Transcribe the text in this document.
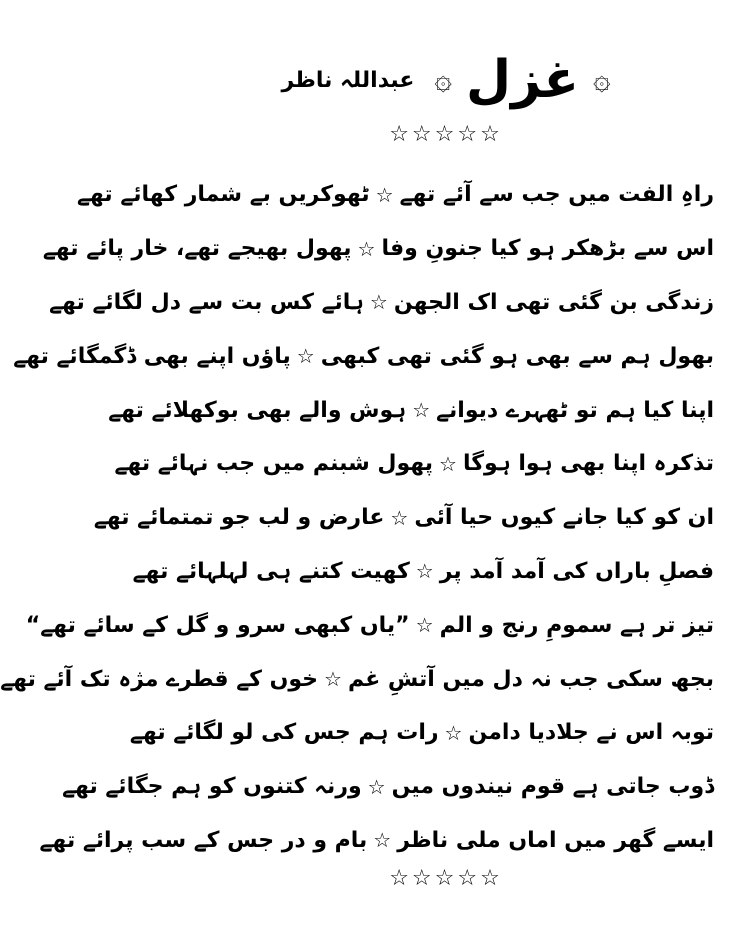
۞
غزل
۞
عبداللہ ناظر
☆☆☆☆☆
راہِ الفت میں جب سے آئے تھے
☆
ٹھوکریں بے شمار کھائے تھے
اس سے بڑھکر ہو کیا جنونِ وفا
☆
پھول بھیجے تھے، خار پائے تھے
زندگی بن گئی تھی اک الجھن
☆
ہائے کس بت سے دل لگائے تھے
بھول ہم سے بھی ہو گئی تھی کبھی
☆
پاؤں اپنے بھی ڈگمگائے تھے
اپنا کیا ہم تو ٹھہرے دیوانے
☆
ہوش والے بھی بوکھلائے تھے
تذکرہ اپنا بھی ہوا ہوگا
☆
پھول شبنم میں جب نہائے تھے
ان کو کیا جانے کیوں حیا آئی
☆
عارض و لب جو تمتمائے تھے
فصلِ باراں کی آمد آمد پر
☆
کھیت کتنے ہی لہلہائے تھے
تیز تر ہے سمومِ رنج و الم
☆
”یاں کبھی سرو و گل کے سائے تھے“
بجھ سکی جب نہ دل میں آتشِ غم
☆
خوں کے قطرے مژہ تک آئے تھے
توبہ اس نے جلادیا دامن
☆
رات ہم جس کی لو لگائے تھے
ڈوب جاتی ہے قوم نیندوں میں
☆
ورنہ کتنوں کو ہم جگائے تھے
ایسے گھر میں اماں ملی ناظر
☆
بام و در جس کے سب پرائے تھے
☆☆☆☆☆
